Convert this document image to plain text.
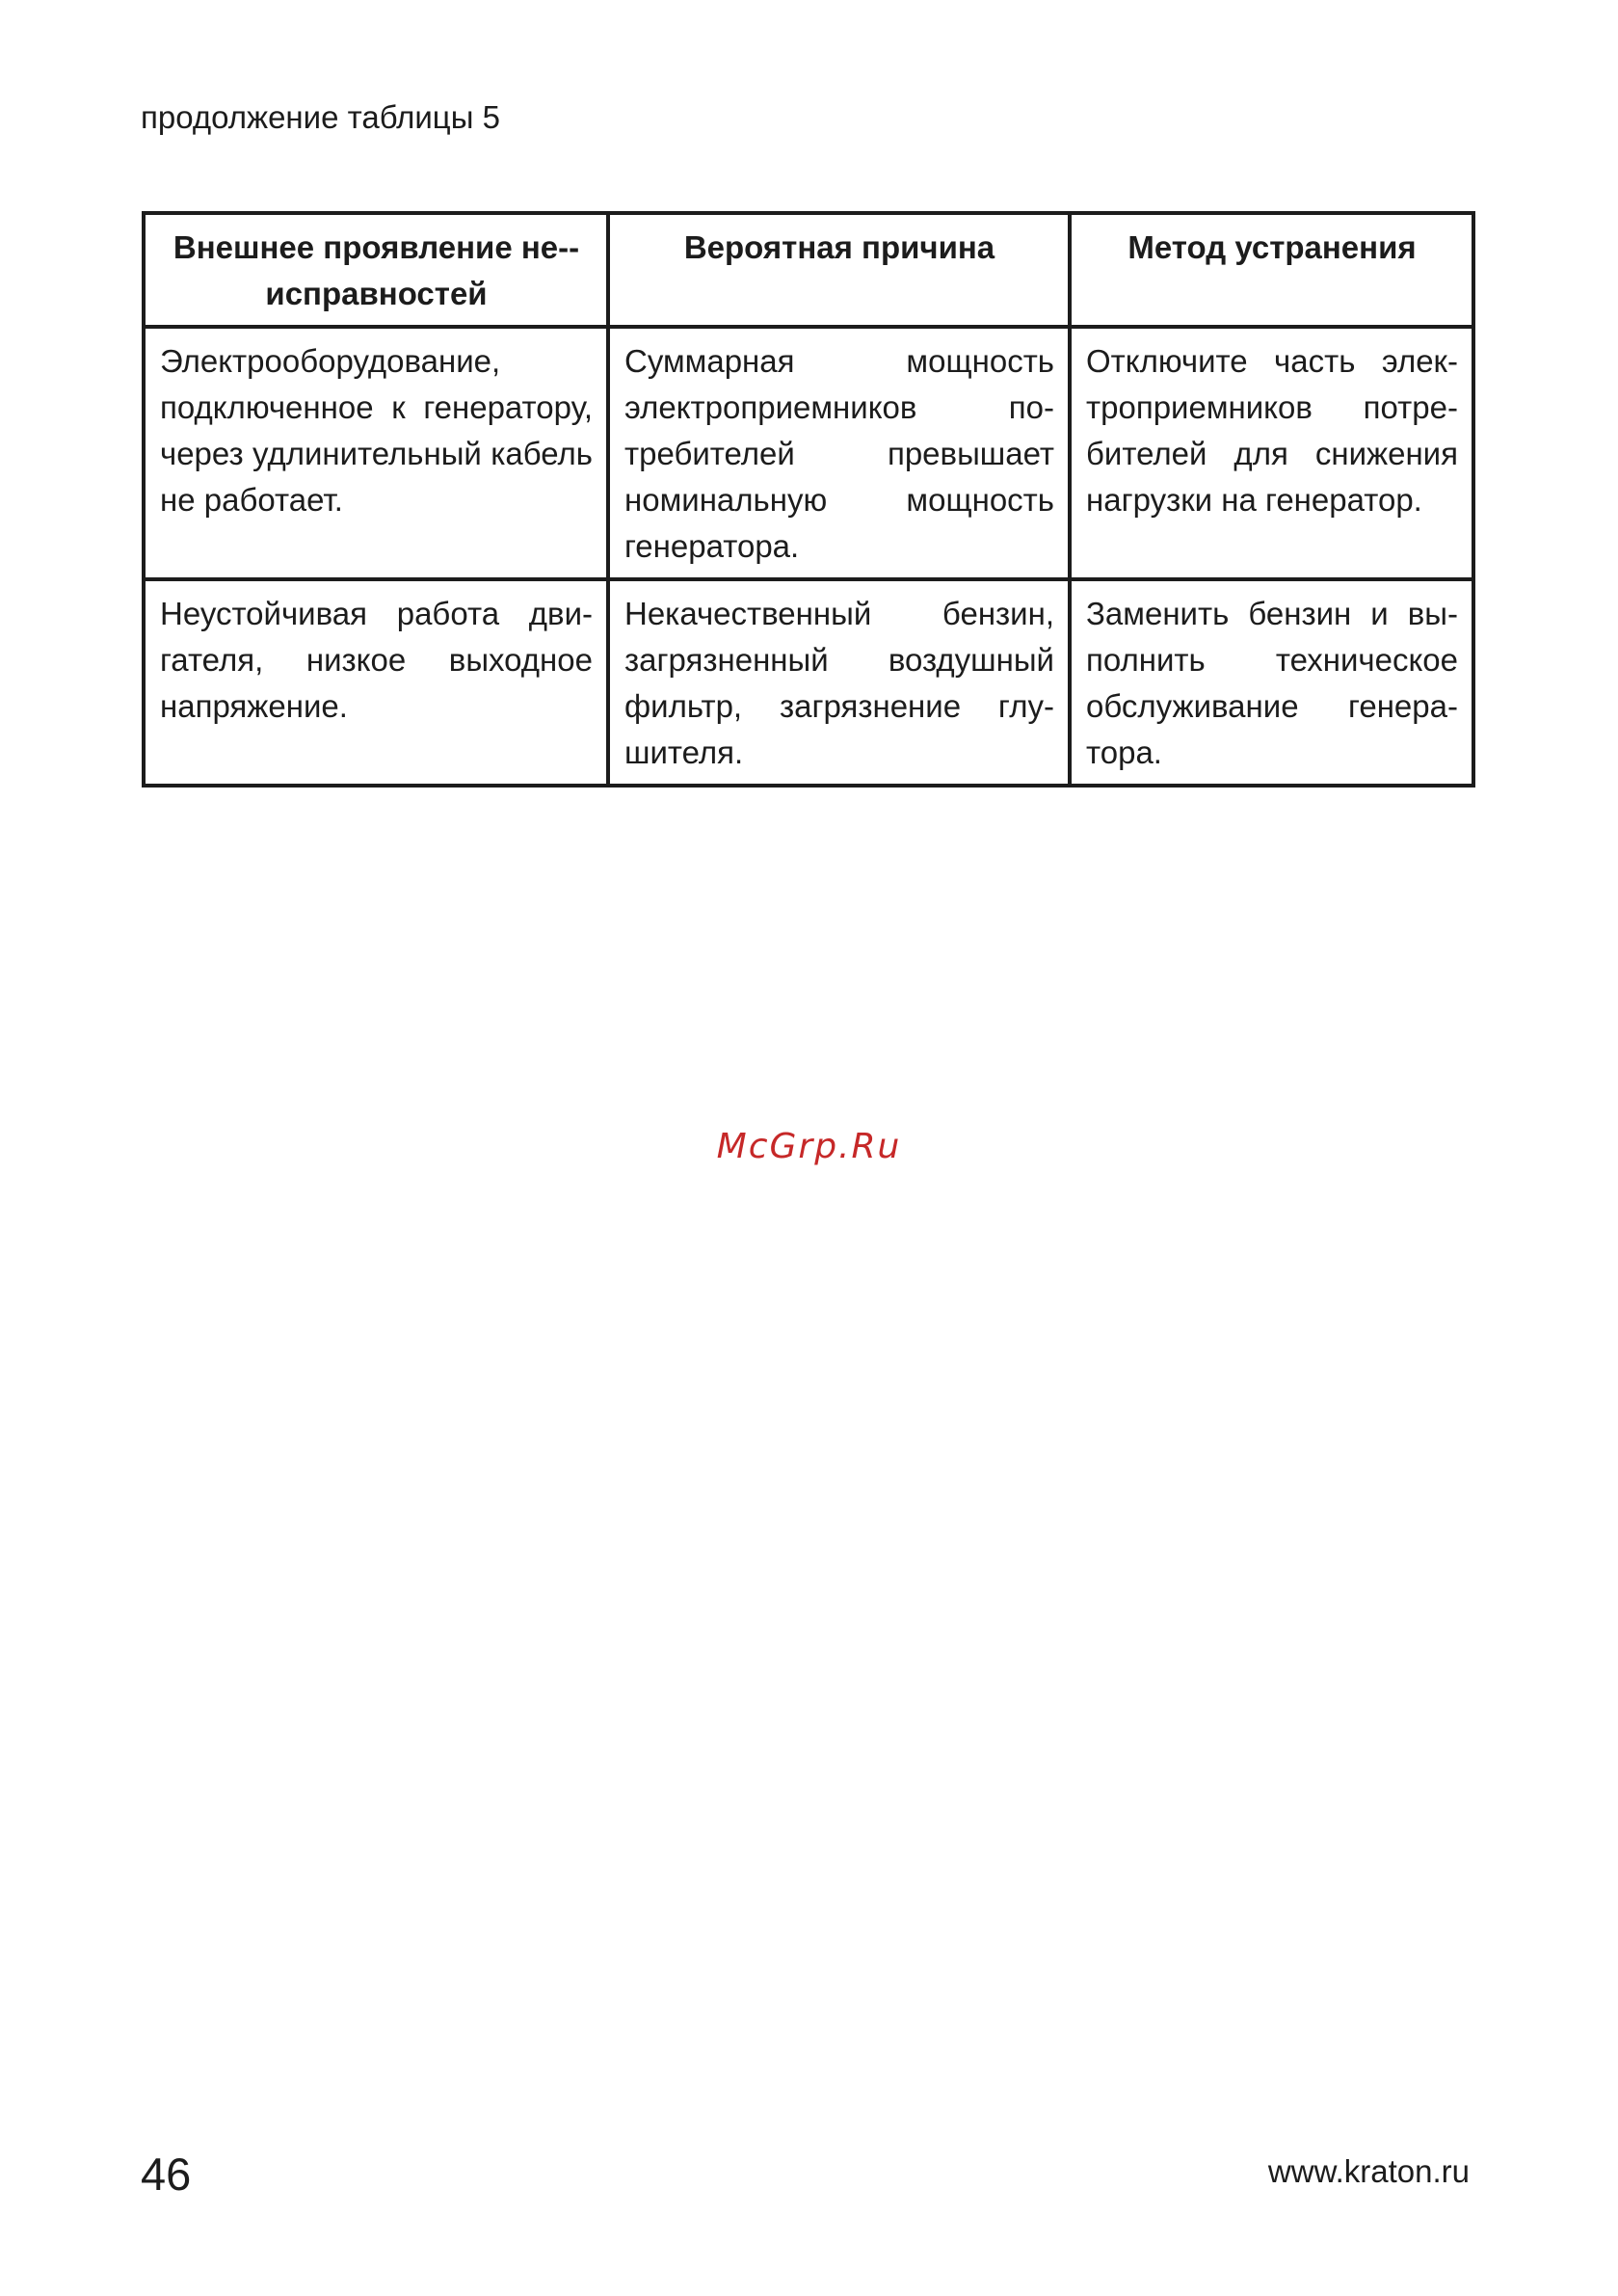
продолжение таблицы 5

Внешнее проявление не-исправностей	Вероятная причина	Метод устранения
Электрооборудование, подключенное к генератору, через удлинительный кабель не работает.	Суммарная мощность электроприемников потребителей превышает номинальную мощность генератора.	Отключите часть электроприемников потребителей для снижения нагрузки на генератор.
Неустойчивая работа двигателя, низкое выходное напряжение.	Некачественный бензин, загрязненный воздушный фильтр, загрязнение глушителя.	Заменить бензин и выполнить техническое обслуживание генератора.
McGrp.Ru
46	www.kraton.ru
